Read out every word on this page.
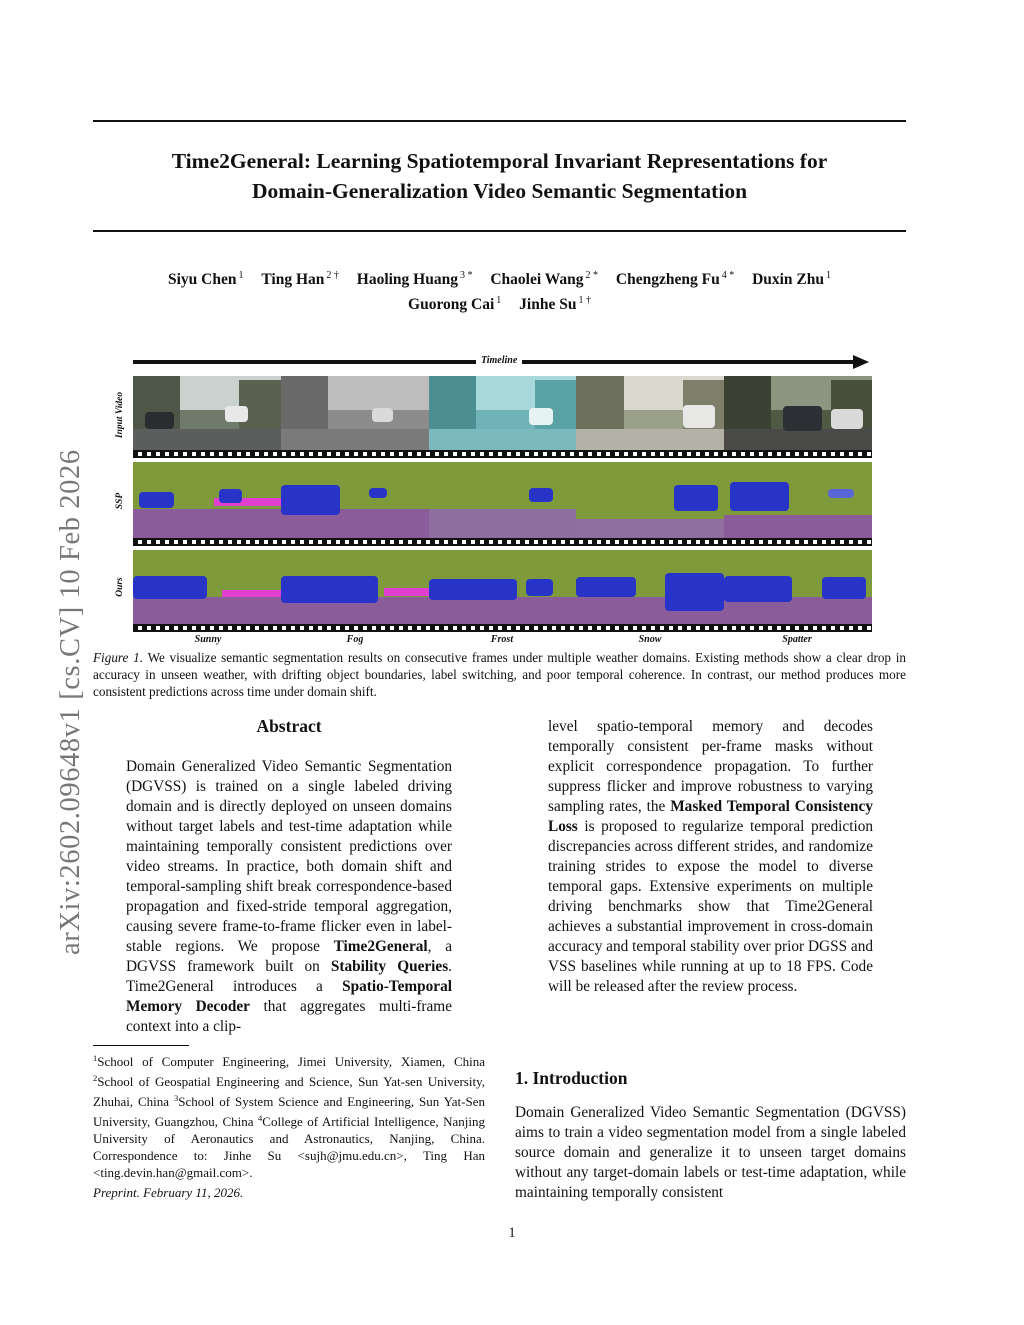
Time2General: Learning Spatiotemporal Invariant Representations for
Domain-Generalization Video Semantic Segmentation
Siyu Chen $^1$ Ting Han $^{2 \dagger}$ Haoling Huang $^{3 *}$ Chaolei Wang $^{2 *}$ Chengzheng Fu $^{4 *}$ Duxin Zhu $^1$
Guorong Cai $^1$ Jinhe Su $^{1 \dagger}$
arXiv:2602.09648v1 [cs.CV] 10 Feb 2026
Timeline
Input Video
SSP
Ours
Sunny	Fog	Frost	Snow	Spatter
Figure 1. We visualize semantic segmentation results on consecutive frames under multiple weather domains. Existing methods show a clear drop in accuracy in unseen weather, with drifting object boundaries, label switching, and poor temporal coherence. In contrast, our method produces more consistent predictions across time under domain shift.
Abstract
Domain Generalized Video Semantic Segmentation (DGVSS) is trained on a single labeled driving domain and is directly deployed on unseen domains without target labels and test-time adaptation while maintaining temporally consistent predictions over video streams. In practice, both domain shift and temporal-sampling shift break correspondence-based propagation and fixed-stride temporal aggregation, causing severe frame-to-frame flicker even in label-stable regions. We propose Time2General, a DGVSS framework built on Stability Queries. Time2General introduces a Spatio-Temporal Memory Decoder that aggregates multi-frame context into a clip-
level spatio-temporal memory and decodes temporally consistent per-frame masks without explicit correspondence propagation. To further suppress flicker and improve robustness to varying sampling rates, the Masked Temporal Consistency Loss is proposed to regularize temporal prediction discrepancies across different strides, and randomize training strides to expose the model to diverse temporal gaps. Extensive experiments on multiple driving benchmarks show that Time2General achieves a substantial improvement in cross-domain accuracy and temporal stability over prior DGSS and VSS baselines while running at up to 18 FPS. Code will be released after the review process.
$^1$School of Computer Engineering, Jimei University, Xiamen, China $^2$School of Geospatial Engineering and Science, Sun Yat-sen University, Zhuhai, China $^3$School of System Science and Engineering, Sun Yat-Sen University, Guangzhou, China $^4$College of Artificial Intelligence, Nanjing University of Aeronautics and Astronautics, Nanjing, China. Correspondence to: Jinhe Su <sujh@jmu.edu.cn>, Ting Han <ting.devin.han@gmail.com>.
Preprint. February 11, 2026.
1. Introduction
Domain Generalized Video Semantic Segmentation (DGVSS) aims to train a video segmentation model from a single labeled source domain and generalize it to unseen target domains without any target-domain labels or test-time adaptation, while maintaining temporally consistent
1
